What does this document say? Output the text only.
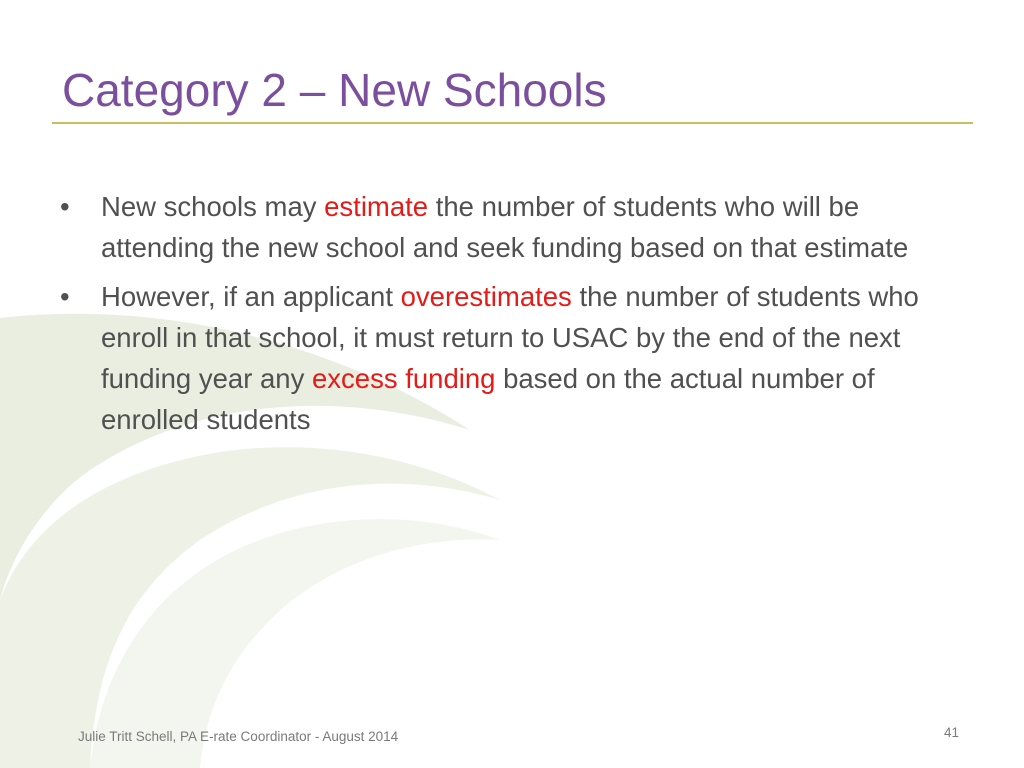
Category 2 – New Schools
• New schools may estimate the number of students who will be attending the new school and seek funding based on that estimate
• However, if an applicant overestimates the number of students who enroll in that school, it must return to USAC by the end of the next funding year any excess funding based on the actual number of enrolled students
Julie Tritt Schell, PA E-rate Coordinator - August 2014	41
